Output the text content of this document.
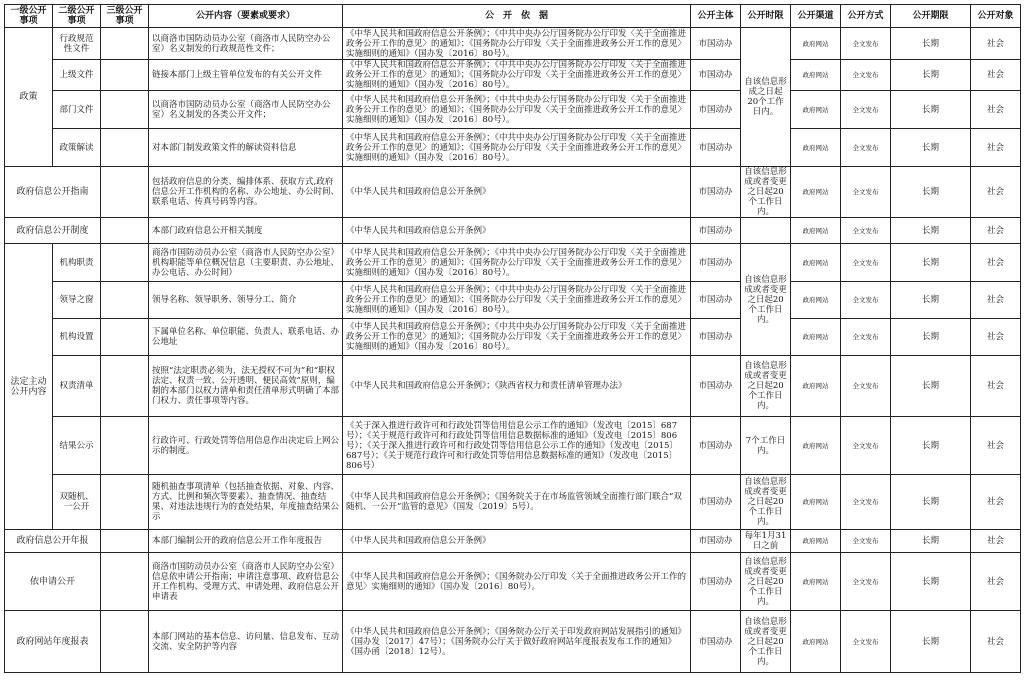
一级公开事项	二级公开事项	三级公开事项	公开内容（要素或要求）	公　开　依　据	公开主体	公开时限	公开渠道	公开方式	公开期限	公开对象
政策	行政规范性文件		以商洛市国防动员办公室（商洛市人民防空办公室）名义制发的行政规范性文件；	《中华人民共和国政府信息公开条例》；《中共中央办公厅国务院办公厅印发〈关于全面推进政务公开工作的意见〉的通知》；《国务院办公厅印发〈关于全面推进政务公开工作的意见〉实施细则的通知》（国办发〔2016〕80号）。	市国动办	自该信息形成之日起20个工作日内。	政府网站	全文发布	长期	社会
	上级文件		链接本部门上级主管单位发布的有关公开文件	《中华人民共和国政府信息公开条例》；《中共中央办公厅国务院办公厅印发〈关于全面推进政务公开工作的意见〉的通知》；《国务院办公厅印发〈关于全面推进政务公开工作的意见〉实施细则的通知》（国办发〔2016〕80号）。	市国动办		政府网站	全文发布	长期	社会
	部门文件		以商洛市国防动员办公室（商洛市人民防空办公室）名义制发的各类公开文件；	《中华人民共和国政府信息公开条例》；《中共中央办公厅国务院办公厅印发〈关于全面推进政务公开工作的意见〉的通知》；《国务院办公厅印发〈关于全面推进政务公开工作的意见〉实施细则的通知》（国办发〔2016〕80号）。	市国动办		政府网站	全文发布	长期	社会
	政策解读		对本部门制发政策文件的解读资料信息	《中华人民共和国政府信息公开条例》；《中共中央办公厅国务院办公厅印发〈关于全面推进政务公开工作的意见〉的通知》；《国务院办公厅印发〈关于全面推进政务公开工作的意见〉实施细则的通知》（国办发〔2016〕80号）。	市国动办		政府网站	全文发布	长期	社会
政府信息公开指南			包括政府信息的分类、编排体系、获取方式,政府信息公开工作机构的名称、办公地址、办公时间、联系电话、传真号码等内容。	《中华人民共和国政府信息公开条例》	市国动办	自该信息形成或者变更之日起20个工作日内。	政府网站	全文发布	长期	社会
政府信息公开制度			本部门政府信息公开相关制度	《中华人民共和国政府信息公开条例》	市国动办		政府网站	全文发布	长期	社会
法定主动公开内容	机构职责		商洛市国防动员办公室（商洛市人民防空办公室）机构职能等单位概况信息（主要职责、办公地址、办公电话、办公时间）	《中华人民共和国政府信息公开条例》；《中共中央办公厅国务院办公厅印发〈关于全面推进政务公开工作的意见〉的通知》；《国务院办公厅印发〈关于全面推进政务公开工作的意见〉实施细则的通知》（国办发〔2016〕80号）。	市国动办	自该信息形成或者变更之日起20个工作日内。	政府网站	全文发布	长期	社会
	领导之窗		领导名称、领导职务、领导分工、简介	《中华人民共和国政府信息公开条例》；《中共中央办公厅国务院办公厅印发〈关于全面推进政务公开工作的意见〉的通知》；《国务院办公厅印发〈关于全面推进政务公开工作的意见〉实施细则的通知》（国办发〔2016〕80号）。	市国动办		政府网站	全文发布	长期	社会
	机构设置		下属单位名称、单位职能、负责人、联系电话、办公地址	《中华人民共和国政府信息公开条例》；《中共中央办公厅国务院办公厅印发〈关于全面推进政务公开工作的意见〉的通知》；《国务院办公厅印发〈关于全面推进政务公开工作的意见〉实施细则的通知》（国办发〔2016〕80号）。	市国动办		政府网站	全文发布	长期	社会
	权责清单		按照“法定职责必须为，法无授权不可为”和“职权法定、权责一致、公开透明、便民高效”原则，编制的本部门以权力清单和责任清单形式明确了本部门权力、责任事项等内容。	《中华人民共和国政府信息公开条例》；《陕西省权力和责任清单管理办法》	市国动办	自该信息形成或者变更之日起20个工作日内。	政府网站	全文发布	长期	社会
	结果公示		行政许可、行政处罚等信用信息作出决定后上网公示的制度。	《关于深入推进行政许可和行政处罚等信用信息公示工作的通知》（发改电〔2015〕687号）；《关于规范行政许可和行政处罚等信用信息数据标准的通知》（发改电〔2015〕806号）；《关于深入推进行政许可和行政处罚等信用信息公示工作的通知》（发改电〔2015〕687号）；《关于规范行政许可和行政处罚等信用信息数据标准的通知》（发改电〔2015〕806号）	市国动办	7个工作日内。	政府网站	全文发布	长期	社会
	双随机、一公开		随机抽查事项清单（包括抽查依据、对象、内容、方式、比例和频次等要素）、抽查情况、抽查结果、对违法违规行为的查处结果，年度抽查结果公示	《中华人民共和国政府信息公开条例》；《国务院关于在市场监管领域全面推行部门联合“双随机、一公开”监管的意见》（国发〔2019〕5号）。	市国动办	自该信息形成或者变更之日起20个工作日内。	政府网站	全文发布	长期	社会
政府信息公开年报			本部门编制公开的政府信息公开工作年度报告	《中华人民共和国政府信息公开条例》	市国动办	每年1月31日之前	政府网站	全文发布	长期	社会
依申请公开			商洛市国防动员办公室（商洛市人民防空办公室）信息依申请公开指南；申请注意事项、政府信息公开工作机构、受理方式、申请处理、政府信息公开申请表	《中华人民共和国政府信息公开条例》；《国务院办公厅印发〈关于全面推进政务公开工作的意见〉实施细则的通知》（国办发〔2016〕80号）。	市国动办	自该信息形成或者变更之日起20个工作日内。	政府网站	全文发布	长期	社会
政府网站年度报表			本部门网站的基本信息、访问量、信息发布、互动交流、安全防护等内容	《中华人民共和国政府信息公开条例》；《国务院办公厅关于印发政府网站发展指引的通知》（国办发〔2017〕47号）；《国务院办公厅关于做好政府网站年度报表发布工作的通知》（国办函〔2018〕12号）。	市国动办	自该信息形成或者变更之日起20个工作日内。	政府网站	全文发布	长期	社会
